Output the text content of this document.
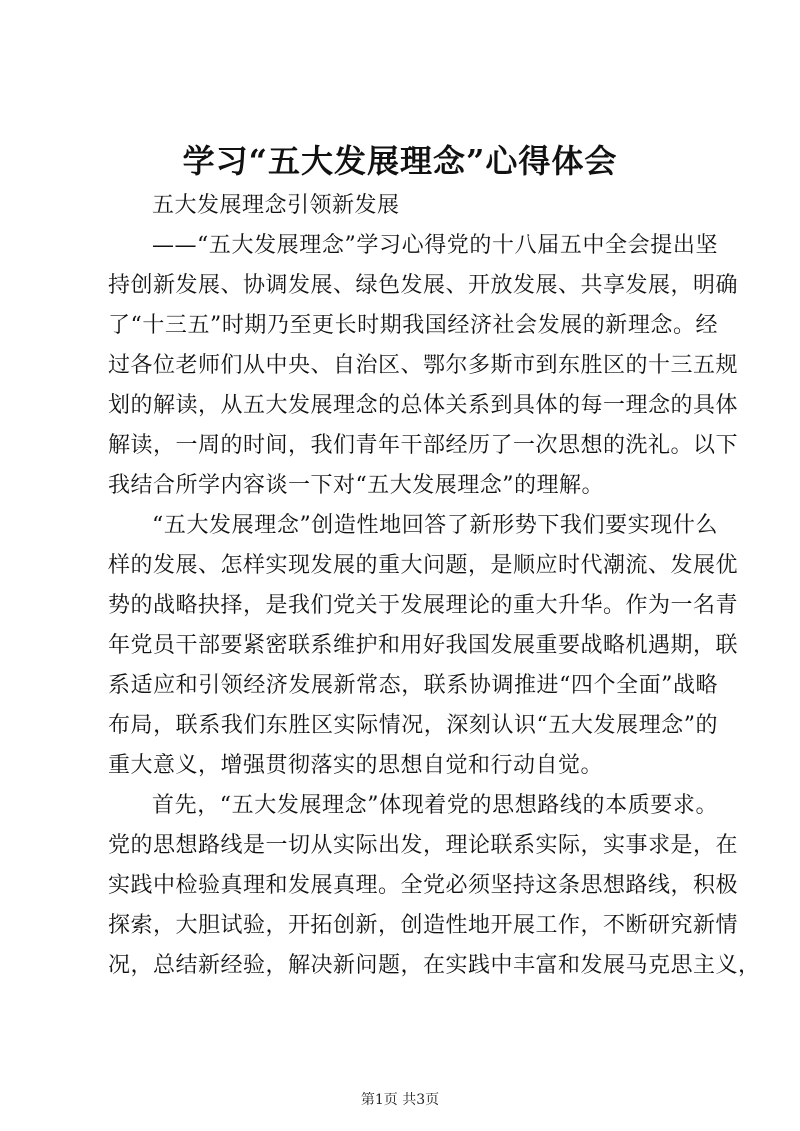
学习“五大发展理念”心得体会
五大发展理念引领新发展
——“五大发展理念”学习心得党的十八届五中全会提出坚
持创新发展、协调发展、绿色发展、开放发展、共享发展，明确
了“十三五”时期乃至更长时期我国经济社会发展的新理念。经
过各位老师们从中央、自治区、鄂尔多斯市到东胜区的十三五规
划的解读，从五大发展理念的总体关系到具体的每一理念的具体
解读，一周的时间，我们青年干部经历了一次思想的洗礼。以下
我结合所学内容谈一下对“五大发展理念”的理解。
“五大发展理念”创造性地回答了新形势下我们要实现什么
样的发展、怎样实现发展的重大问题，是顺应时代潮流、发展优
势的战略抉择，是我们党关于发展理论的重大升华。作为一名青
年党员干部要紧密联系维护和用好我国发展重要战略机遇期，联
系适应和引领经济发展新常态，联系协调推进“四个全面”战略
布局，联系我们东胜区实际情况，深刻认识“五大发展理念”的
重大意义，增强贯彻落实的思想自觉和行动自觉。
首先，“五大发展理念”体现着党的思想路线的本质要求。
党的思想路线是一切从实际出发，理论联系实际，实事求是，在
实践中检验真理和发展真理。全党必须坚持这条思想路线，积极
探索，大胆试验，开拓创新，创造性地开展工作，不断研究新情
况，总结新经验，解决新问题，在实践中丰富和发展马克思主义，
第1页 共3页
